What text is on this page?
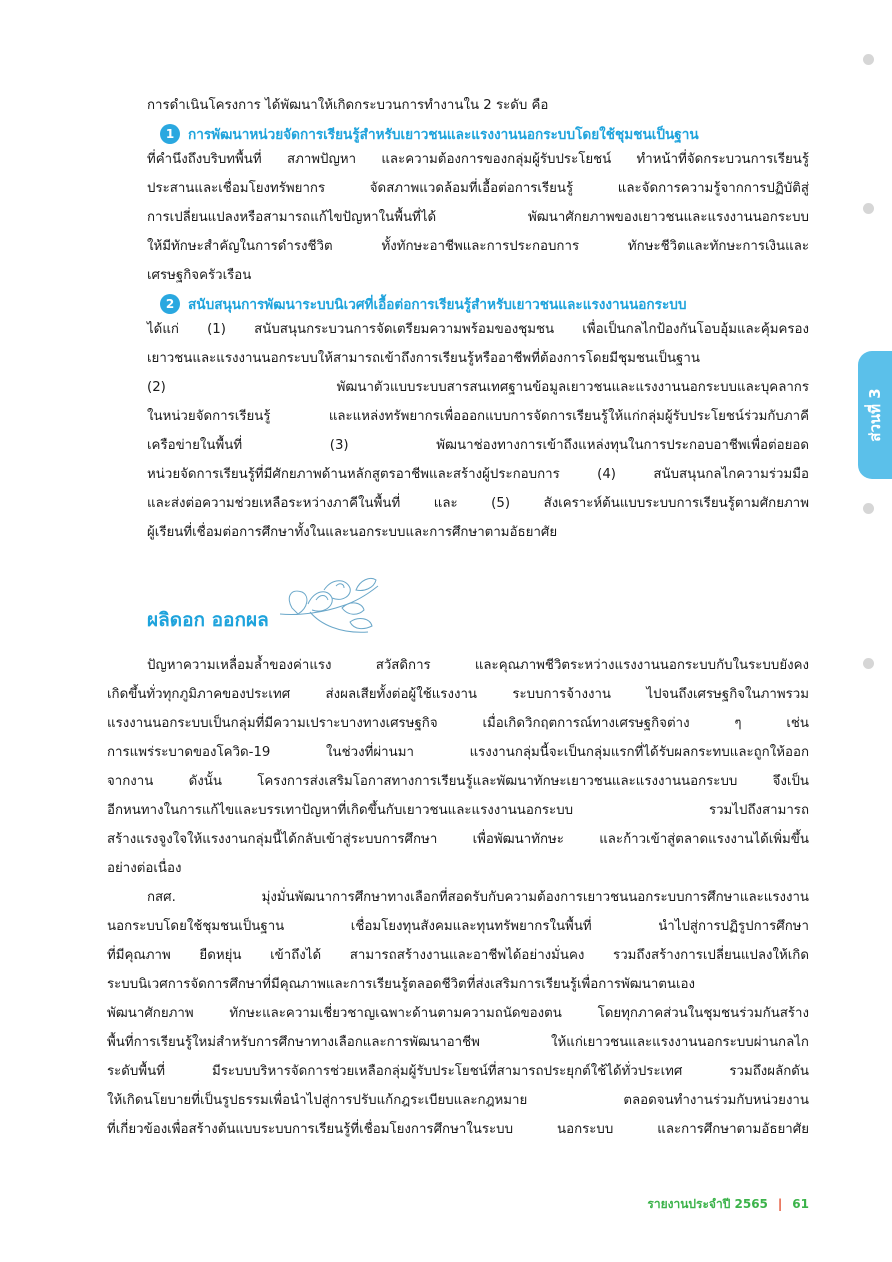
ส่วนที่ 3
การดำเนินโครงการ ได้พัฒนาให้เกิดกระบวนการทำงานใน 2 ระดับ คือ
1	การพัฒนาหน่วยจัดการเรียนรู้สำหรับเยาวชนและแรงงานนอกระบบโดยใช้ชุมชนเป็นฐาน
ที่คำนึงถึงบริบทพื้นที่ สภาพปัญหา และความต้องการของกลุ่มผู้รับประโยชน์ ทำหน้าที่จัดกระบวนการเรียนรู้
ประสานและเชื่อมโยงทรัพยากร จัดสภาพแวดล้อมที่เอื้อต่อการเรียนรู้ และจัดการความรู้จากการปฏิบัติสู่
การเปลี่ยนแปลงหรือสามารถแก้ไขปัญหาในพื้นที่ได้ พัฒนาศักยภาพของเยาวชนและแรงงานนอกระบบ
ให้มีทักษะสำคัญในการดำรงชีวิต ทั้งทักษะอาชีพและการประกอบการ ทักษะชีวิตและทักษะการเงินและ
เศรษฐกิจครัวเรือน
2	สนับสนุนการพัฒนาระบบนิเวศที่เอื้อต่อการเรียนรู้สำหรับเยาวชนและแรงงานนอกระบบ
ได้แก่ (1) สนับสนุนกระบวนการจัดเตรียมความพร้อมของชุมชน เพื่อเป็นกลไกป้องกันโอบอุ้มและคุ้มครอง
เยาวชนและแรงงานนอกระบบให้สามารถเข้าถึงการเรียนรู้หรืออาชีพที่ต้องการโดยมีชุมชนเป็นฐาน
(2) พัฒนาตัวแบบระบบสารสนเทศฐานข้อมูลเยาวชนและแรงงานนอกระบบและบุคลากร
ในหน่วยจัดการเรียนรู้ และแหล่งทรัพยากรเพื่อออกแบบการจัดการเรียนรู้ให้แก่กลุ่มผู้รับประโยชน์ร่วมกับภาคี
เครือข่ายในพื้นที่ (3) พัฒนาช่องทางการเข้าถึงแหล่งทุนในการประกอบอาชีพเพื่อต่อยอด
หน่วยจัดการเรียนรู้ที่มีศักยภาพด้านหลักสูตรอาชีพและสร้างผู้ประกอบการ (4) สนับสนุนกลไกความร่วมมือ
และส่งต่อความช่วยเหลือระหว่างภาคีในพื้นที่ และ (5) สังเคราะห์ต้นแบบระบบการเรียนรู้ตามศักยภาพ
ผู้เรียนที่เชื่อมต่อการศึกษาทั้งในและนอกระบบและการศึกษาตามอัธยาศัย
ผลิดอก ออกผล
ปัญหาความเหลื่อมล้ำของค่าแรง สวัสดิการ และคุณภาพชีวิตระหว่างแรงงานนอกระบบกับในระบบยังคง
เกิดขึ้นทั่วทุกภูมิภาคของประเทศ ส่งผลเสียทั้งต่อผู้ใช้แรงงาน ระบบการจ้างงาน ไปจนถึงเศรษฐกิจในภาพรวม
แรงงานนอกระบบเป็นกลุ่มที่มีความเปราะบางทางเศรษฐกิจ เมื่อเกิดวิกฤตการณ์ทางเศรษฐกิจต่าง ๆ เช่น
การแพร่ระบาดของโควิด-19 ในช่วงที่ผ่านมา แรงงานกลุ่มนี้จะเป็นกลุ่มแรกที่ได้รับผลกระทบและถูกให้ออก
จากงาน ดังนั้น โครงการส่งเสริมโอกาสทางการเรียนรู้และพัฒนาทักษะเยาวชนและแรงงานนอกระบบ จึงเป็น
อีกหนทางในการแก้ไขและบรรเทาปัญหาที่เกิดขึ้นกับเยาวชนและแรงงานนอกระบบ รวมไปถึงสามารถ
สร้างแรงจูงใจให้แรงงานกลุ่มนี้ได้กลับเข้าสู่ระบบการศึกษา เพื่อพัฒนาทักษะ และก้าวเข้าสู่ตลาดแรงงานได้เพิ่มขึ้น
อย่างต่อเนื่อง
กสศ. มุ่งมั่นพัฒนาการศึกษาทางเลือกที่สอดรับกับความต้องการเยาวชนนอกระบบการศึกษาและแรงงาน
นอกระบบโดยใช้ชุมชนเป็นฐาน เชื่อมโยงทุนสังคมและทุนทรัพยากรในพื้นที่ นำไปสู่การปฏิรูปการศึกษา
ที่มีคุณภาพ ยืดหยุ่น เข้าถึงได้ สามารถสร้างงานและอาชีพได้อย่างมั่นคง รวมถึงสร้างการเปลี่ยนแปลงให้เกิด
ระบบนิเวศการจัดการศึกษาที่มีคุณภาพและการเรียนรู้ตลอดชีวิตที่ส่งเสริมการเรียนรู้เพื่อการพัฒนาตนเอง
พัฒนาศักยภาพ ทักษะและความเชี่ยวชาญเฉพาะด้านตามความถนัดของตน โดยทุกภาคส่วนในชุมชนร่วมกันสร้าง
พื้นที่การเรียนรู้ใหม่สำหรับการศึกษาทางเลือกและการพัฒนาอาชีพ ให้แก่เยาวชนและแรงงานนอกระบบผ่านกลไก
ระดับพื้นที่ มีระบบบริหารจัดการช่วยเหลือกลุ่มผู้รับประโยชน์ที่สามารถประยุกต์ใช้ได้ทั่วประเทศ รวมถึงผลักดัน
ให้เกิดนโยบายที่เป็นรูปธรรมเพื่อนำไปสู่การปรับแก้กฎระเบียบและกฎหมาย ตลอดจนทำงานร่วมกับหน่วยงาน
ที่เกี่ยวข้องเพื่อสร้างต้นแบบระบบการเรียนรู้ที่เชื่อมโยงการศึกษาในระบบ นอกระบบ และการศึกษาตามอัธยาศัย
รายงานประจำปี 2565 | 61
